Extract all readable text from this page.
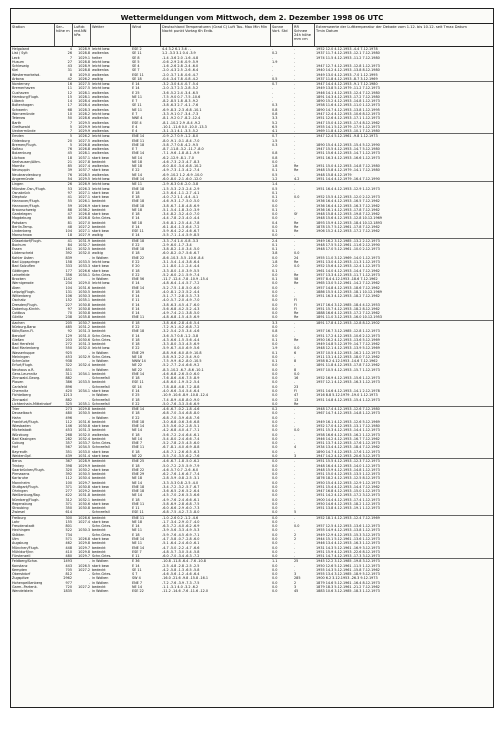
Wettermeldungen vom Mittwoch, dem 2. Dezember 1998 06 UTC
Station	Ser.- höhe m
Luftdr. red.NN hPa
Wetter	Wind	Deutschland Temperaturen (Grad C) Luft Tau- Max Min Min Nacht punkt Vortag 6h Erdb.
Sonne Vort. Std
RR Schnee 24h höhe mm cm
Extremwerte der Lufttemperatur der Dekade vom 1.12. bis 10.12. seit Tmax Datum Tmin Datum
Helgoland	4	1028.9 leicht bew.	ESE 2	4.4 3.2 6.1 3.6 . -	.	.	1952 12.0 4.12.1953 -4.4 7.12.1978
List / Sylt	26	1028.8 wolkenlos	SE 11	1.2 -3.3 3.1 0.4 -3.9	0.2	.	1937 11.7 4.12.1953 -12.1 7.12.1980
Leck	7	1029.1 heiter	SE 8	-1.4 -3.6 2.0 -1.6 -4.8	.	.	1974 11.5 4.12.1953 -11.2 7.12.1980
Husum	27	1028.8 leicht bew.	SE 5	-0.6 -2.9 2.6 -0.9 -5.9	1.9	.
Schleswig	43	1028.9 leicht bew.	SE 4	-1.6 -2.6 2.8 -2.4 -6.0	.	.	1947 12.7 4.12.1953 -12.8 1.12.1973
Kiel	31	1028.8 wolkenlos	SE 7	-2.0 -4.3 2.5 -2.6 -6.4	.	.	1940 14.2 4.12.1953 -13.8 8.12.1980
Westermarkelsd.	8	1029.0 wolkenlos	ESE 11	-2.0 -3.7 1.8 -0.6 -4.7	.	.	1949 13.0 4.12.1953 -7.0 1.12.1995
Arkona	42	1026.2 wolkig	SE 18	-0.4 -3.4 7.8 -0.8 -4.2	0.5	.	1937 11.8 4.12.1953 -8.7 3.12.1969
Norderney	16	1027.5 leicht bew.	E 14	-3.2 -3.0 4.4 -0.7 -5.4	0.7	.	1947 14.4 4.12.1953 -9.1 7.12.1980
Bremerhaven	11	1027.5 leicht bew.	E 14	-2.0 -3.7 2.3 -2.8 -5.2	.	.	1949 13.8 5.12.1979 -11.2 7.12.1973
Cuxhaven	12	1028.1 wolkenlos	E 25	-3.6 -5.2 2.4 -3.4 -6.5	.	.	1946 14.1 4.12.1953 -12.4 7.12.1980
Hamburg/Flugh.	15	1028.1 wolkenlos	NE 11	-7.5 -9.0 0.7 -7.5 -10.6	.	.	1891 14.3 4.12.1953 -17.2 7.12.1980
Lübeck	14	1028.4 wolkenlos	E 7	-8.2 -8.5 1.8 -8.3 -9.2	.	.	1890 15.2 4.12.1953 -14.8 1.12.1973
Boltenhagen	17	1028.4 wolkenlos	SE 11	-3.8 -6.3 2.7 -4.1 -7.6	0.3	.	1958 11.6 4.12.1953 -11.0 1.12.1973
Schwerin	68	1028.3 wolkenlos	NE 11	-6.9 -8.3 -2.3 -6.8 -10.1	0.8	.	1890 14.7 4.12.1953 -13.8 1.12.1995
Warnemünde	10	1028.2 leicht bew.	E 7	-3.3 -9.1 0.7 -3.4 -7.3	0.8	.	1947 12.4 4.12.1953 -10.6 8.12.1973
Teterow	50	1028.6 wolkenlos	NNE 4	-8.1 -9.2 0.7 -8.2 -12.4	3.3	.	1951 12.6 4.12.1953 -17.1 1.12.1973
Barth	7	1029.5 wolkenlos	ESE 4	-8.1 -10.2 2.9 -8.4 -9.2	5.2	.	1947 15.0 4.12.1953 -17.4 8.12.1962
Greifswald	5	1029.9 leicht bew.	E 4	-10.1 -11.6 0.0 -10.0 -13.3	6.5	.	1955 14.1 5.12.1979 -17.9 1.12.1973
Ueckermünde	7	1029.9 wolkenlos	E 4	-3.1 -3.1 4.1 -3.3 -5.2	4.1	.	1969 11.8 4.12.1953 -10.1 7.12.1980
Emden	5	1026.2 leicht bew.	ENE 14	-0.9 -2.7 0.9 -1.2 -8.0	0.7	.	1947 12.4 5.12.1961 -9.8 1.12.1973
Oldenburg	20	1027.5 wolkenlos	ENE 11	-8.0 -9.1 -0.1 -8.4 -7.0	1.5	.
Bremen/Flugh.	5	1026.8 wolkenlos	ENE 18	-5.8 -7.7 0.8 -4.2 -9.5	0.3	.	1890 15.4 4.12.1953 -15.4 5.12.1990
Soltau	76	1026.8 wolkenlos	E 7	-8.7 -11.8 -3.2 -11.7 -8.0	.	.	1947 15.5 4.12.1953 -14.7 5.12.1980
Boizenburg	45	1028.1 wolkenlos	ENE 14	-7.1 -9.6 -1.8 -8.1 -9.9	0.8	.	1951 15.6 4.12.1953 -14.7 1.12.1973
Lüchow	18	1037.1 stark bew.	NE 14	-6.2 -12.9 -8.1 -7.0	0.8	.	1951 16.3 4.12.1953 -16.6 1.12.1973
Seehausen/Altm.	21	1027.8 bedeckt	NE 18	-4.6 -7.3 -2.3 -4.7 -8.3	0.0	.
Marnitz	85	1027.4 wolkenlos	NE 18	-6.0 -8.0 -3.4 -6.8 -10.2	1.8	Re	1951 15.0 4.12.1953 -14.8 7.12.1980
Neuruppin	39	1037.7 stark bew.	E 22	-4.9 -7.3 -1.3 -4.2 -7.4	0.1	Re	1948 15.8 4.12.1979 -14.1 7.12.1980
Neubrandenburg	76	1028.5 wolkenlos	NE 14	-6.9 -10.2 1.2 -6.9 -10.0	0.5	.	1948 15.8 4.12.1979
Angermünde	54	1029.5 leicht bew.	ENE 14	-6.0 -8.0 -2.1 -6.0 -12.0	1.2	4.2	1951 14.4 4.12.1979 -16.4 7.12.1990
Lingen	26	1026.9 leicht bew.	NE 11	-2.9 -6.3 0.6 -2.0 -3.8	1.4	.
Münster-Osn./Flugh.	53	1026.3 leicht bew.	ENE 18	-1.5 -5.3 -2.3 -2.4 -2.9	0.5	.	1951 16.4 4.12.1953 -12.9 1.12.1973
Osnabrück	97	1027.1 stark bew.	E 18	-2.5 -6.4 -1.1 -2.7 -4.1	0.1	.
Diepholz	41	1027.1 stark bew.	E 18	-4.0 -7.2 1.1 -4.4 -4.1	0.1	0.0	1952 15.5 4.12.1953 -12.0 2.12.1973
Hannover/Flugh.	55	1026.1 bedeckt	ENE 18	-4.6 -9.3 -1.7 -5.0 -5.0	0.0	.	1936 16.4 4.12.1953 -16.5 7.12.1962
Hannover/Flugh.	59	1026.9 stark bew.	ENE 18	-3.8 -6.7 -1.8 -4.8 -6.9	0.0	.	1936 16.4 4.12.1953 -16.3 7.12.1962
Braunschweig	88	1036.2 bedeckt	NE 18	-5.1 -5.4 -1.8 -3.0 -3.9	0.1	.	1936 16.1 4.12.1953 -17.8 7.12.1962
Gardelegen	47	1026.8 stark bew.	E 18	-3.4 -8.2 -3.2 -4.0 -7.0	0.0	Sf	1948 15.8 4.12.1953 -19.8 7.12.1962
Magdeburg	85	1026.8 Schn.Gries.	E 14	-4.4 -7.8 -2.3 -4.0 -4.4	0.0	.	1948 15.6 4.12.1953 -12.8 10.12.1969
Potsdam	81	1027.0 bedeckt	NE 18	-5.6 -8.1 -2.5 -4.4 -7.8	0.4	Re	1893 15.9 4.12.1953 -18.4 10.12.1893
Berlin-Temp.	48	1027.2 bedeckt	E 14	-6.1 -8.4 -1.3 -6.4 -7.2	0.0	Re	1878 15.7 5.12.1961 -17.8 7.12.1962
Lindenberg	104	1027.1 stark bew.	ESE 11	-5.9 -6.4 -2.2 -4.6 -6.7	0.1	Re	1906 15.2 4.12.1953 -17.2 7.12.1962
Manschnow	18	1027.9 wolkig	E 14	-5.5 -7.1 -1.4 -5.9 -8.5	0.0	.
Düsseldorf/Flugh.	41	1031.9 bedeckt	ENE 18	-3.3 -7.4 1.4 -0.8 -3.3	2.4	.	1949 16.2 3.12.1985 -13.2 2.12.1973
Bochum	84	1032.7 bedeckt	E 22	-2.9 -6.0 -1.7 -3.4	0.1	.	1948 17.5 5.12.1961 -11.6 2.12.1990
Essen	161	1032.5 bedeckt	ENE 18	-3.8 -8.2 -1.0 -3.4 -5.0	0.1	.	1948 17.0 5.12.1961 -10.0 2.12.1973
Lüdenscheid	392	1032.0 wolkig	E 18	-6.0 -8.2 -0.7 -5.6 -6.7	3.8	0.0
Kahler Asten	839	. in Wolken	ENE 22	-8.6 -10.3 -5.5 -10.6 -8.4	0.0	24	1955 11.0 3.12.1969 -14.0 1.12.1973
Bad Lippspringe	158	1033.5 leicht bew.	E 22	-3.1 -5.4 -1.4 -3.8 -6.4	1.8	Re	1951 13.0 4.12.1953 -11.3 1.12.1973
Bad Salzuflen	333	1033.3 stark bew.	E 20	-2.1 -8.0 -1.1 -2.4 -4.4	2.0	0.0	1952 15.6 4.12.1953 -12.4 1.12.1973
Göttingen	177	1026.6 stark bew.	E 18	-3.3 -8.0 -1.0 -3.9 -5.5	0.1	.	1961 14.0 4.12.1953 -14.4 7.12.1962
Leinefelde	356	1034.1 Schn.Gries.	E 22	-5.2 -6.0 -2.1 -5.9 -7.4	0.0	Re	1957 13.3 4.12.1953 -11.7 1.12.1973
Brocken	1142	. in Wolken	ENE 56	-11.7 -12.4 -7.8 -10.9 -15.4	0.1	58	1957 8.4 4.12.1953 -18.6 7.12.1962
Wernigerode	234	1029.0 leicht bew.	E 14	-4.8 -6.4 -1.4 -5.7 -7.2	0.0	Re	1965 13.0 5.12.1961 -14.2 7.12.1962
Aken	104	1031.6 bedeckt	ENE 14	-5.2 -7.5 -1.8 -5.0 -6.0	0.0	.	1957 14.8 4.12.1953 -18.6 7.12.1962
Leipzig/Flugh.	131	1030.5 bedeckt	E 18	-4.0 -8.1 -2.3 -5.2 -4.4	0.0	.	1886 15.5 4.12.1953 -18.1 10.12.1969
Wittenberg	106	1030.3 bedeckt	E 14	-5.1 -7.7 -2.8 -5.3 -7.3	0.0	.	1951 16.3 4.12.1953 -18.2 7.12.1962
Oschatz	152	1035.1 bedeckt	E 11	-4.0 -5.7 -2.0 -4.9 -7.0	0.0	Fl
Dresden/Flugh.	227	1030.8 bedeckt	E 14	-3.8 -6.3 -4.5 -4.7 -6.0	0.0	Fl	1917 16.4 3.12.1985 -18.4 4.12.1953
Doberlug-Kirchh.	97	1030.8 bedeckt	E 14	-5.6 -6.8 -4.2 -5.2 -4.3	0.0	Fl	1951 15.7 4.12.1953 -18.2 8.12.1962
Cottbus	70	1030.8 bedeckt	E 14	-4.9 -7.4 -2.1 -3.8 -5.0	0.0	Re	1888 16.6 4.12.1953 -17.2 7.12.1962
Görlitz	238	1035.8 bedeckt	ENE 11	-4.8 -6.8 -1.5 -4.5 -6.9	0.0	Re	1891 11.0 3.12.1953 -16.0 10.12.1953
Aachen	205	1030.7 bedeckt	E 18	-3.8 -6.6 -2.8 -4.6 -5.4	3.3	.	1891 17.8 4.12.1953 -12.8 8.12.1902
Nürburg-Barw.	485	1031.2 bedeckt	E 22	-7.2 -9.1 -4.2 -6.8 -7.2	0.0	.
Köln/Bonn-Fl.	92	1031.3 bedeckt	ENE 18	-3.2 -5.4 -2.5 -3.4 -4.6	0.8	.	1957 16.7 3.12.1985 -12.8 1.12.1973
Bendorf	129	1031.0 Schn.Gries.	E 14	-3.6 -5.7 0.8 -1.2 -3.8	0.0	.	1951 17.2 4.12.1953 -10.6 2.12.1973
Gießen	203	1030.6 Schn.Gries.	E 18	-4.3 -6.6 -1.5 -5.6 -4.4	0.1	Re	1950 16.2 4.12.1953 -13.6 5.12.1969
Bad Hersfeld	272	1031.3 bedeckt	E 18	-3.3 -8.0 -3.3 -4.5 -6.9	0.0	.	1949 14.8 5.12.1979 -14.7 7.12.1962
Bad Marienberg	550	1032.0 leicht bew.	E 22	-5.9 -6.7 -4.0 -6.9 -5.6	1.9	0.0	1948 12.1 4.12.1953 -13.9 5.12.1969
Wasserkuppe	925	. in Wolken	ENE 29	-8.8 -9.6 -6.0 -8.9 -10.8	0.1	6	1937 10.5 4.12.1953 -16.2 1.12.1973
Meiningen	453	1032.9 Schn.Gries.	NE 18	-5.8 -9.3 -2.2 -5.4 -9.0	0.0	.	1911 13.1 4.12.1953 -18.0 7.12.1962
Schmücke	938	. in Wolken	NNW 14	-7.5 -9.9 -6.2 -8.0 -10.5	0.1	8	1958 8.2 4.12.1953 -14.6 7.12.1962
Erfurt/Flugh.	322	1032.4 bedeckt	NE 22	-5.2 -7.7 -2.4 -6.6 -9.2	0.0	.	1891 11.8 4.12.1953 -17.8 7.12.1962
Neuhaus a.R.	851	. in Wolken	NE 22	-8.3 -10.2 -6.7 -8.6 -10.1	0.0	8	1957 10.5 4.12.1953 -15.7 1.12.1973
Gera-Leumnitz	311	1034.1 bedeckt	ENE 14	-4.6 -6.8 -2.6 -5.0 -6.0	0.0	0.0
Zinnwald-Georg.	882	. Schneefall	E 18	-7.6 -8.6 -4.6 -7.5 -8.9	0.0	16	1952 16.9 4.12.1953 -15.6 1.12.1973
Plauen	386	1033.5 bedeckt	ESE 11	-4.8 -6.0 -1.9 -5.2 -5.4	0.0	.	1957 12.1 4.12.1953 -16.3 1.12.1973
Carlsfeld	896	. Schneefall	SE 14	-7.8 -8.8 -4.8 -7.2 -8.8	0.0	23
Chemnitz	420	1034.1 stark bew.	E 14	-4.0 -6.6 -3.4 -5.4 -6.4	0.0	Fl	1951 14.6 4.12.1953 -14.1 2.12.1978
Fichtelberg	1213	. in Wolken	E 25	-10.9 -10.6 -8.9 -10.8 -12.4	0.0	47	1916 8.8 5.12.1979 -19.0 1.12.1973
Zinnwald	882	. Schneefall	E 18	-7.4 -8.9 -4.8 -8.0 -9.0	0.0	13	1951 14.8 4.12.1953 -15.4 1.12.1973
Lichtenhain-Mittelndorf	325	1035.1 Schneefall	E 22	-5.0 -7.6 -3.3 -5.6 -6.9	0.0	Re
Trier	273	1029.8 bedeckt	ENE 14	-4.6 -6.7 -0.2 -1.8 -4.6	0.2	.	1948 17.4 4.12.1953 -12.6 7.12.1980
Deuselbach	480	1030.5 bedeckt	E 18	-6.8 -7.0 -3.4 -6.8 -8.0	0.0	.	1967 14.7 4.12.1953 -14.8 1.12.1973
Hahn	496	. in Wolken	E 22	-6.8 -7.0 -3.9 -6.8 -7.6	0.0	.
Frankfurt/Flugh.	112	1031.6 bedeckt	ENE 18	-3.0 -6.8 -0.6 -3.6 -6.8	0.0	.	1949 16.1 4.12.1953 -12.6 5.12.1969
Wiesbaden	146	1030.8 stark bew.	ENE 14	-3.5 -5.6 -0.2 -2.8 -5.1	0.0	.	1952 17.0 4.12.1953 -13.1 7.12.1980
Michelstadt	453	1031.3 bedeckt	NE 14	-4.2 -6.8 -4.0 -4.7 -7.1	0.0	0.0	1951 15.3 4.12.1953 -14.4 1.12.1973
Würzburg	268	1032.0 wolkenlos	E 18	-5.6 -7.2 -2.4 -6.4 -6.1	0.0	.	1958 16.6 4.12.1953 -16.2 1.12.1973
Bad Kissingen	282	1032.4 bedeckt	NE 14	-5.4 -8.0 -2.4 -6.6 -7.4	0.0	.	1946 14.2 4.12.1953 -16.7 7.12.1962
Coburg	357	1033.7 Schn.Gries.	ENE 7	-5.2 -7.8 -2.5 -4.5 -6.0	0.0	.	1951 13.7 4.12.1953 -17.6 1.12.1973
Hof	567	1034.5 Schneefall	ENE 11	-6.7 -8.1 -4.0 -6.9 -8.8	0.0	4	1934 13.4 4.12.1953 -18.4 7.12.1962
Bayreuth	351	1033.0 stark bew.	E 18	-4.8 -7.1 -2.6 -6.5 -6.3	0.0	.	1890 14.7 4.12.1953 -17.6 1.12.1973
WeidenOpf.	439	1031.4 stark bew.	NE 22	-5.5 -7.0 -3.5 -6.2 -7.6	0.0	3	1947 14.2 4.12.1953 -20.6 3.12.1973
Berus	367	1028.9 bedeckt	ENE 25	-4.6 -6.7 -1.8 -5.0 -6.2	0.0	.	1951 15.5 4.12.1953 -12.3 7.12.1973
Trinkey	398	1029.9 bedeckt	E 18	-5.0 -7.2 -2.5 -5.9 -7.9	0.0	.	1948 16.4 4.12.1953 -14.0 1.12.1973
Saarbrücken/Flugh.	320	1030.2 stark bew.	ENE 22	-4.6 -5.7 0.7 -2.6 -6.0	0.0	.	1948 15.9 4.12.1953 -14.8 1.12.1973
Pirmasens	392	1030.5 bedeckt	ENE 29	-6.2 -7.6 -1.6 -6.7 -7.4	0.0	.	1951 15.0 4.12.1953 -13.5 1.12.1973
Karlsruhe	112	1030.4 bedeckt	NE 18	-2.8 -5.9 -0.8 -2.5 -3.1	0.0	.	1876 18.2 4.12.1953 -12.5 8.12.1973
Mannheim	100	1029.7 bedeckt	NE 14	-3.3 -5.3 0.8 -2.5 -4.0	0.0	.	1950 15.4 4.12.1953 -12.9 1.12.1973
Stuttgart/Flugh.	371	1030.8 stark bew.	ENE 18	-3.4 -7.2 -3.2 -5.7 -6.7	0.0	.	1951 15.4 4.12.1953 -14.4 7.12.1962
Öhringen	277	1029.2 bedeckt	ENE 18	-3.6 -6.5 -2.6 -5.2 -6.4	0.0	.	1947 16.8 4.12.1953 -15.0 1.12.1973
Weißenburg/Bay.	422	1031.8 bedeckt	NE 14	-4.5 -7.0 -2.6 -5.3 -6.6	0.0	.	1951 14.2 4.12.1953 -17.2 3.12.1973
Nürnberg/Flugh.	312	1032.1 bedeckt	E 18	-4.9 -7.6 -2.4 -6.6 -6.1	0.0	.	1900 14.4 4.12.1953 -17.4 1.12.1973
Regensburg	371	1030.6 stark bew.	ENE 11	-5.8 -6.9 -2.8 -6.8 -7.5	0.0	.	1950 14.6 4.12.1953 -18.2 1.12.1973
Straubing	350	1030.8 bedeckt	E 11	-6.0 -6.6 -2.9 -6.0 -7.3	0.0	.	1951 13.8 4.12.1953 -19.1 1.12.1973
Zwiesel	614	. Schneefall	ESE 11	-6.8 -7.5 -4.2 -7.3 -8.0	0.0	5
Freiburg	300	1026.6 bedeckt	ENE 11	-1.0 -2.6 0.2 -1.2 -4.6	0.0	.	1952 18.1 4.12.1953 -12.4 7.12.1969
Lahr	155	1027.4 stark bew.	NE 18	-1.7 -3.4 -2.9 -0.7 -4.0	0.0	.
Freudenstadt	801	. Schn.Gries.	E 14	-6.3 -7.2 -4.0 -6.2 -6.9	0.0	0.0	1957 12.5 4.12.1953 -13.6 1.12.1973
Hechingen	522	1030.3 bedeckt	NE 11	-3.9 -5.6 -3.3 -4.9 -5.3	0.0	.	1955 14.9 4.12.1953 -13.8 1.12.1973
Stötten	734	. Schn.Gries.	E 18	-5.9 -7.6 -4.5 -6.9 -7.1	0.0	2	1949 12.9 4.12.1953 -15.3 3.12.1973
Ulm	571	1026.8 stark bew.	ENE 14	-4.7 -5.8 -0.7 -2.8 -6.0	0.0	2	1944 15.1 5.12.1961 -13.6 1.12.1973
Augsburg	462	1029.8 bedeckt	NE 11	-5.1 -6.4 -2.4 -6.0 -6.1	0.0	.	1946 13.4 4.12.1953 -16.3 1.12.1973
München/Flugh.	448	1029.7 bedeckt	ENE 14	-4.7 -5.0 -2.2 -4.7 -6.6	0.0	.	1931 14.3 5.12.1961 -16.9 3.12.1973
Mühldorf/Inn	410	1029.8 bedeckt	ESE 7	-4.8 -5.7 -3.0 -5.4 -5.8	0.0	.	1951 15.9 4.12.1953 -22.6 8.12.1973
Fürstenzell	480	1029.7 Schn.Gries.	E 11	-6.0 -7.0 -3.4 -6.3 -7.2	0.0	.	1951 14.7 4.12.1953 -17.3 3.12.1973
Feldberg/Schw.	1493	. in Wolken	E 36	-10.8 -11.8 -6.4 -7.6 -10.8	1.1	25	1945 12.2 3.12.1985 -19.8 3.12.1973
Konstanz	443	1026.5 stark bew.	E 14	-2.5 -4.8 -2.8 -2.5 -2.5	0.0	.	1950 12.6 5.12.1961 -11.5 1.12.1973
Kempten	705	1027.2 bedeckt	SE 11	-4.2 -5.8 -1.3 -6.5 -5.8	0.0	.	1955 14.3 5.12.1961 -15.8 7.12.1962
Oberstdorf	812	. Schn.Gries.	S 7	-4.6 -5.6 -1.2 -4.6 -6.4	0.0	3	1955 13.4 3.12.1985 -18.9 5.12.1973
Zugspitze	2962	. in Wolken	SW 4	-16.0 -21.6 -9.8 -15.8 -16.1	0.0	285	1900 6.2 3.12.1953 -26.3 9.12.1973
Hohenpeißenberg	977	. in Wolken	ENE 7	-7.2 -7.6 -3.9 -7.3 -7.5	0.0	2	1879 14.6 5.12.1961 -16.4 8.12.1973
Garm.-Partenk.	720	1027.2 bedeckt	NE 14	-1.1 -3.1 4.0 -3.2 -6.2	0.0	3	1879 18.3 5.12.1961 -21.2 7.12.1962
Wendelstein	1835	. in Wolken	ESE 22	-11.2 -14.6 -7.6 -11.6 -12.0	0.0	45	1883 10.6 3.12.1985 -18.3 1.12.1973
